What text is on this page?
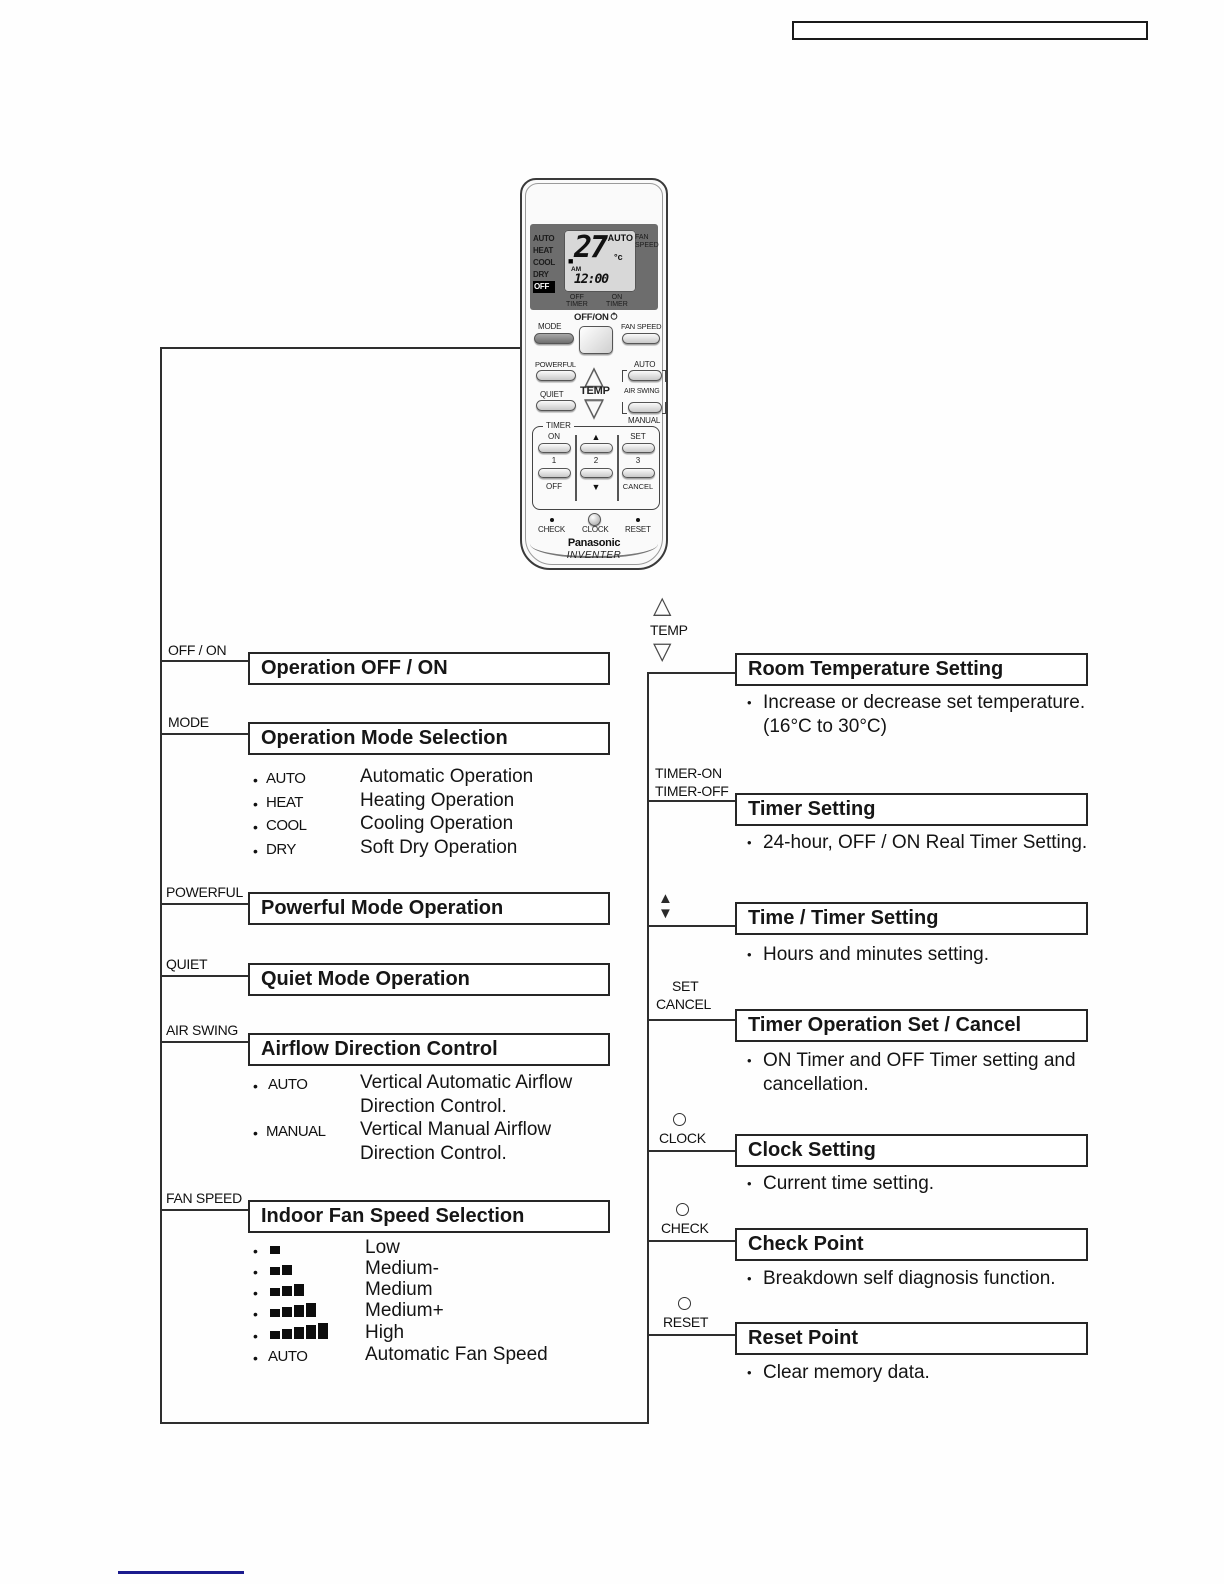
AUTO
HEAT
COOL
DRY
OFF
■ 27 °c
AUTO
AM
12:00
FAN
SPEED
OFF
TIMER
ON
TIMER
OFF/ON
MODE	FAN SPEED
POWERFUL △	AUTO
TEMP AIR SWING
QUIET ▽	MANUAL
TIMER
ON
1
OFF
▲
2
▼
SET
3
CANCEL
CHECK CLOCK RESET
Panasonic
INVENTER
OFF / ON
Operation OFF / ON
MODE
Operation Mode Selection
• AUTO	Automatic Operation
• HEAT	Heating Operation
• COOL	Cooling Operation
• DRY	Soft Dry Operation
POWERFUL
Powerful Mode Operation
QUIET
Quiet Mode Operation
AIR SWING
Airflow Direction Control
• AUTO	Vertical Automatic Airflow
Direction Control.
• MANUAL Vertical Manual Airflow
Direction Control.
FAN SPEED
Indoor Fan Speed Selection
•	Low
•	Medium-
•	Medium
•	Medium+
•	High
• AUTO	Automatic Fan Speed
△
TEMP
▽
Room Temperature Setting
• Increase or decrease set temperature.
(16°C to 30°C)
TIMER-ON
TIMER-OFF
Timer Setting
• 24-hour, OFF / ON Real Timer Setting.
▲
▼	Time / Timer Setting
• Hours and minutes setting.
SET
CANCEL
Timer Operation Set / Cancel
• ON Timer and OFF Timer setting and
cancellation.
CLOCK
Clock Setting
• Current time setting.
CHECK
Check Point
• Breakdown self diagnosis function.
RESET
Reset Point
• Clear memory data.
